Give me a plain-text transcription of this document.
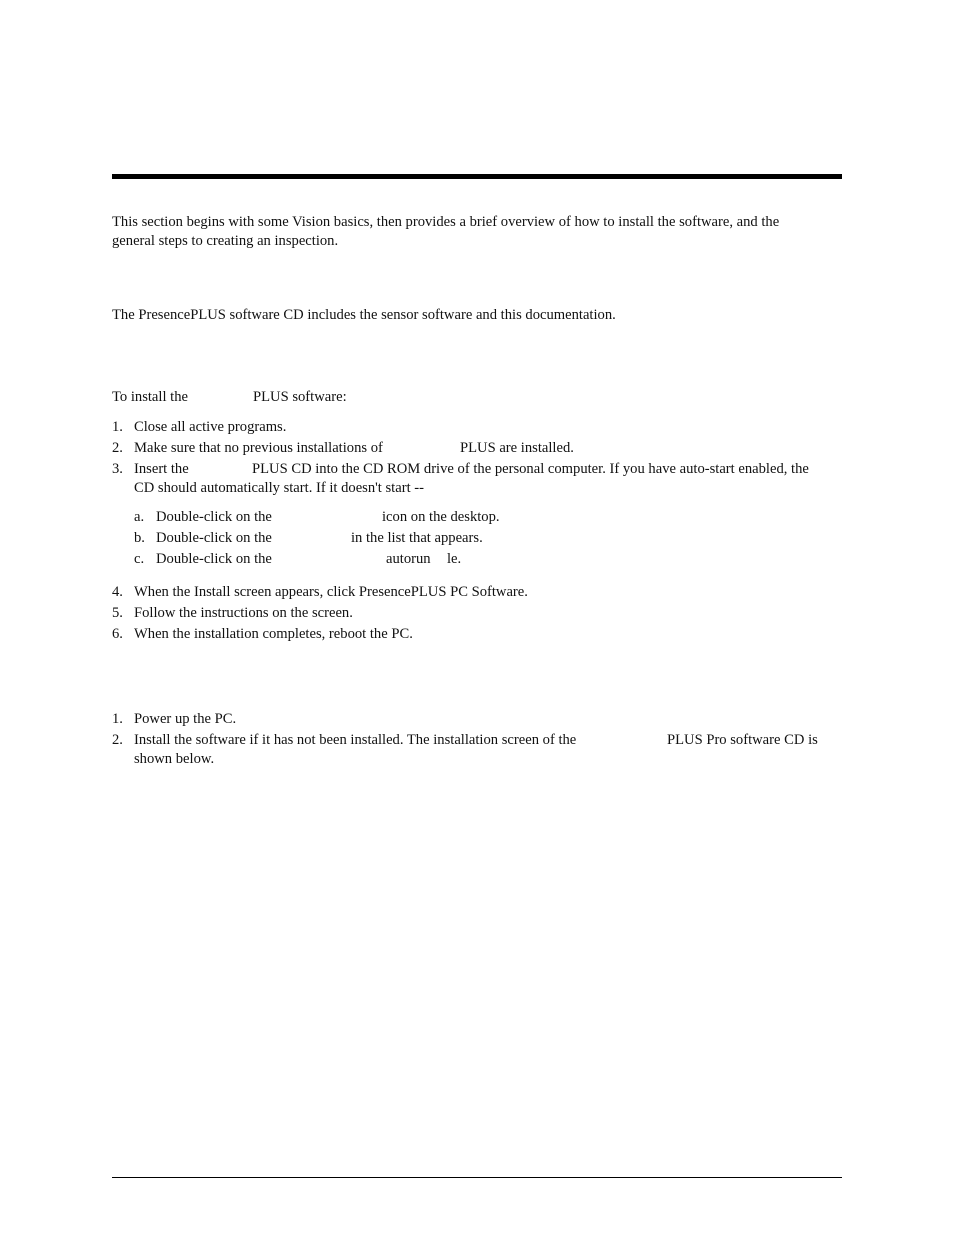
This section begins with some Vision basics, then provides a brief overview of how to install the software, and the
general steps to creating an inspection.
The PresencePLUS software CD includes the sensor software and this documentation.
To install the	PLUS software:
1. Close all active programs.
2. Make sure that no previous installations of	PLUS are installed.
3. Insert the	PLUS CD into the CD ROM drive of the personal computer. If you have auto-start enabled, the
CD should automatically start. If it doesn't start --
a. Double-click on the	icon on the desktop.
b. Double-click on the	in the list that appears.
c. Double-click on the	autorun le.
4. When the Install screen appears, click PresencePLUS PC Software.
5. Follow the instructions on the screen.
6. When the installation completes, reboot the PC.
1. Power up the PC.
2. Install the software if it has not been installed. The installation screen of the	PLUS Pro software CD is
shown below.
